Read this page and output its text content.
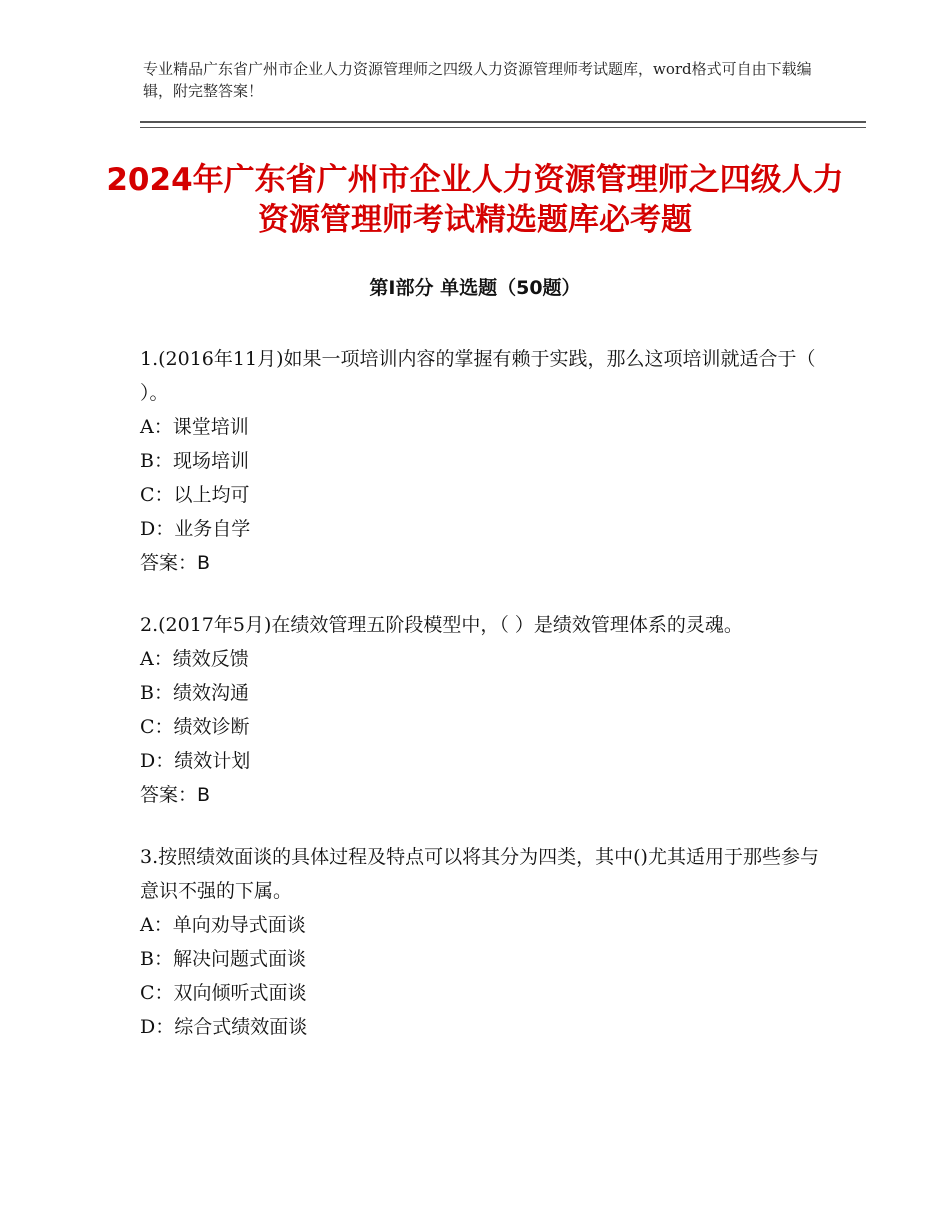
专业精品广东省广州市企业人力资源管理师之四级人力资源管理师考试题库，word格式可自由下载编辑，附完整答案！
2024年广东省广州市企业人力资源管理师之四级人力资源管理师考试精选题库必考题
第Ⅰ部分 单选题（50题）

1.(2016年11月)如果一项培训内容的掌握有赖于实践，那么这项培训就适合于（ ）。

A：课堂培训

B：现场培训

C：以上均可

D：业务自学

答案：B

2.(2017年5月)在绩效管理五阶段模型中，（ ）是绩效管理体系的灵魂。

A：绩效反馈

B：绩效沟通

C：绩效诊断

D：绩效计划

答案：B

3.按照绩效面谈的具体过程及特点可以将其分为四类，其中()尤其适用于那些参与意识不强的下属。

A：单向劝导式面谈

B：解决问题式面谈

C：双向倾听式面谈

D：综合式绩效面谈
